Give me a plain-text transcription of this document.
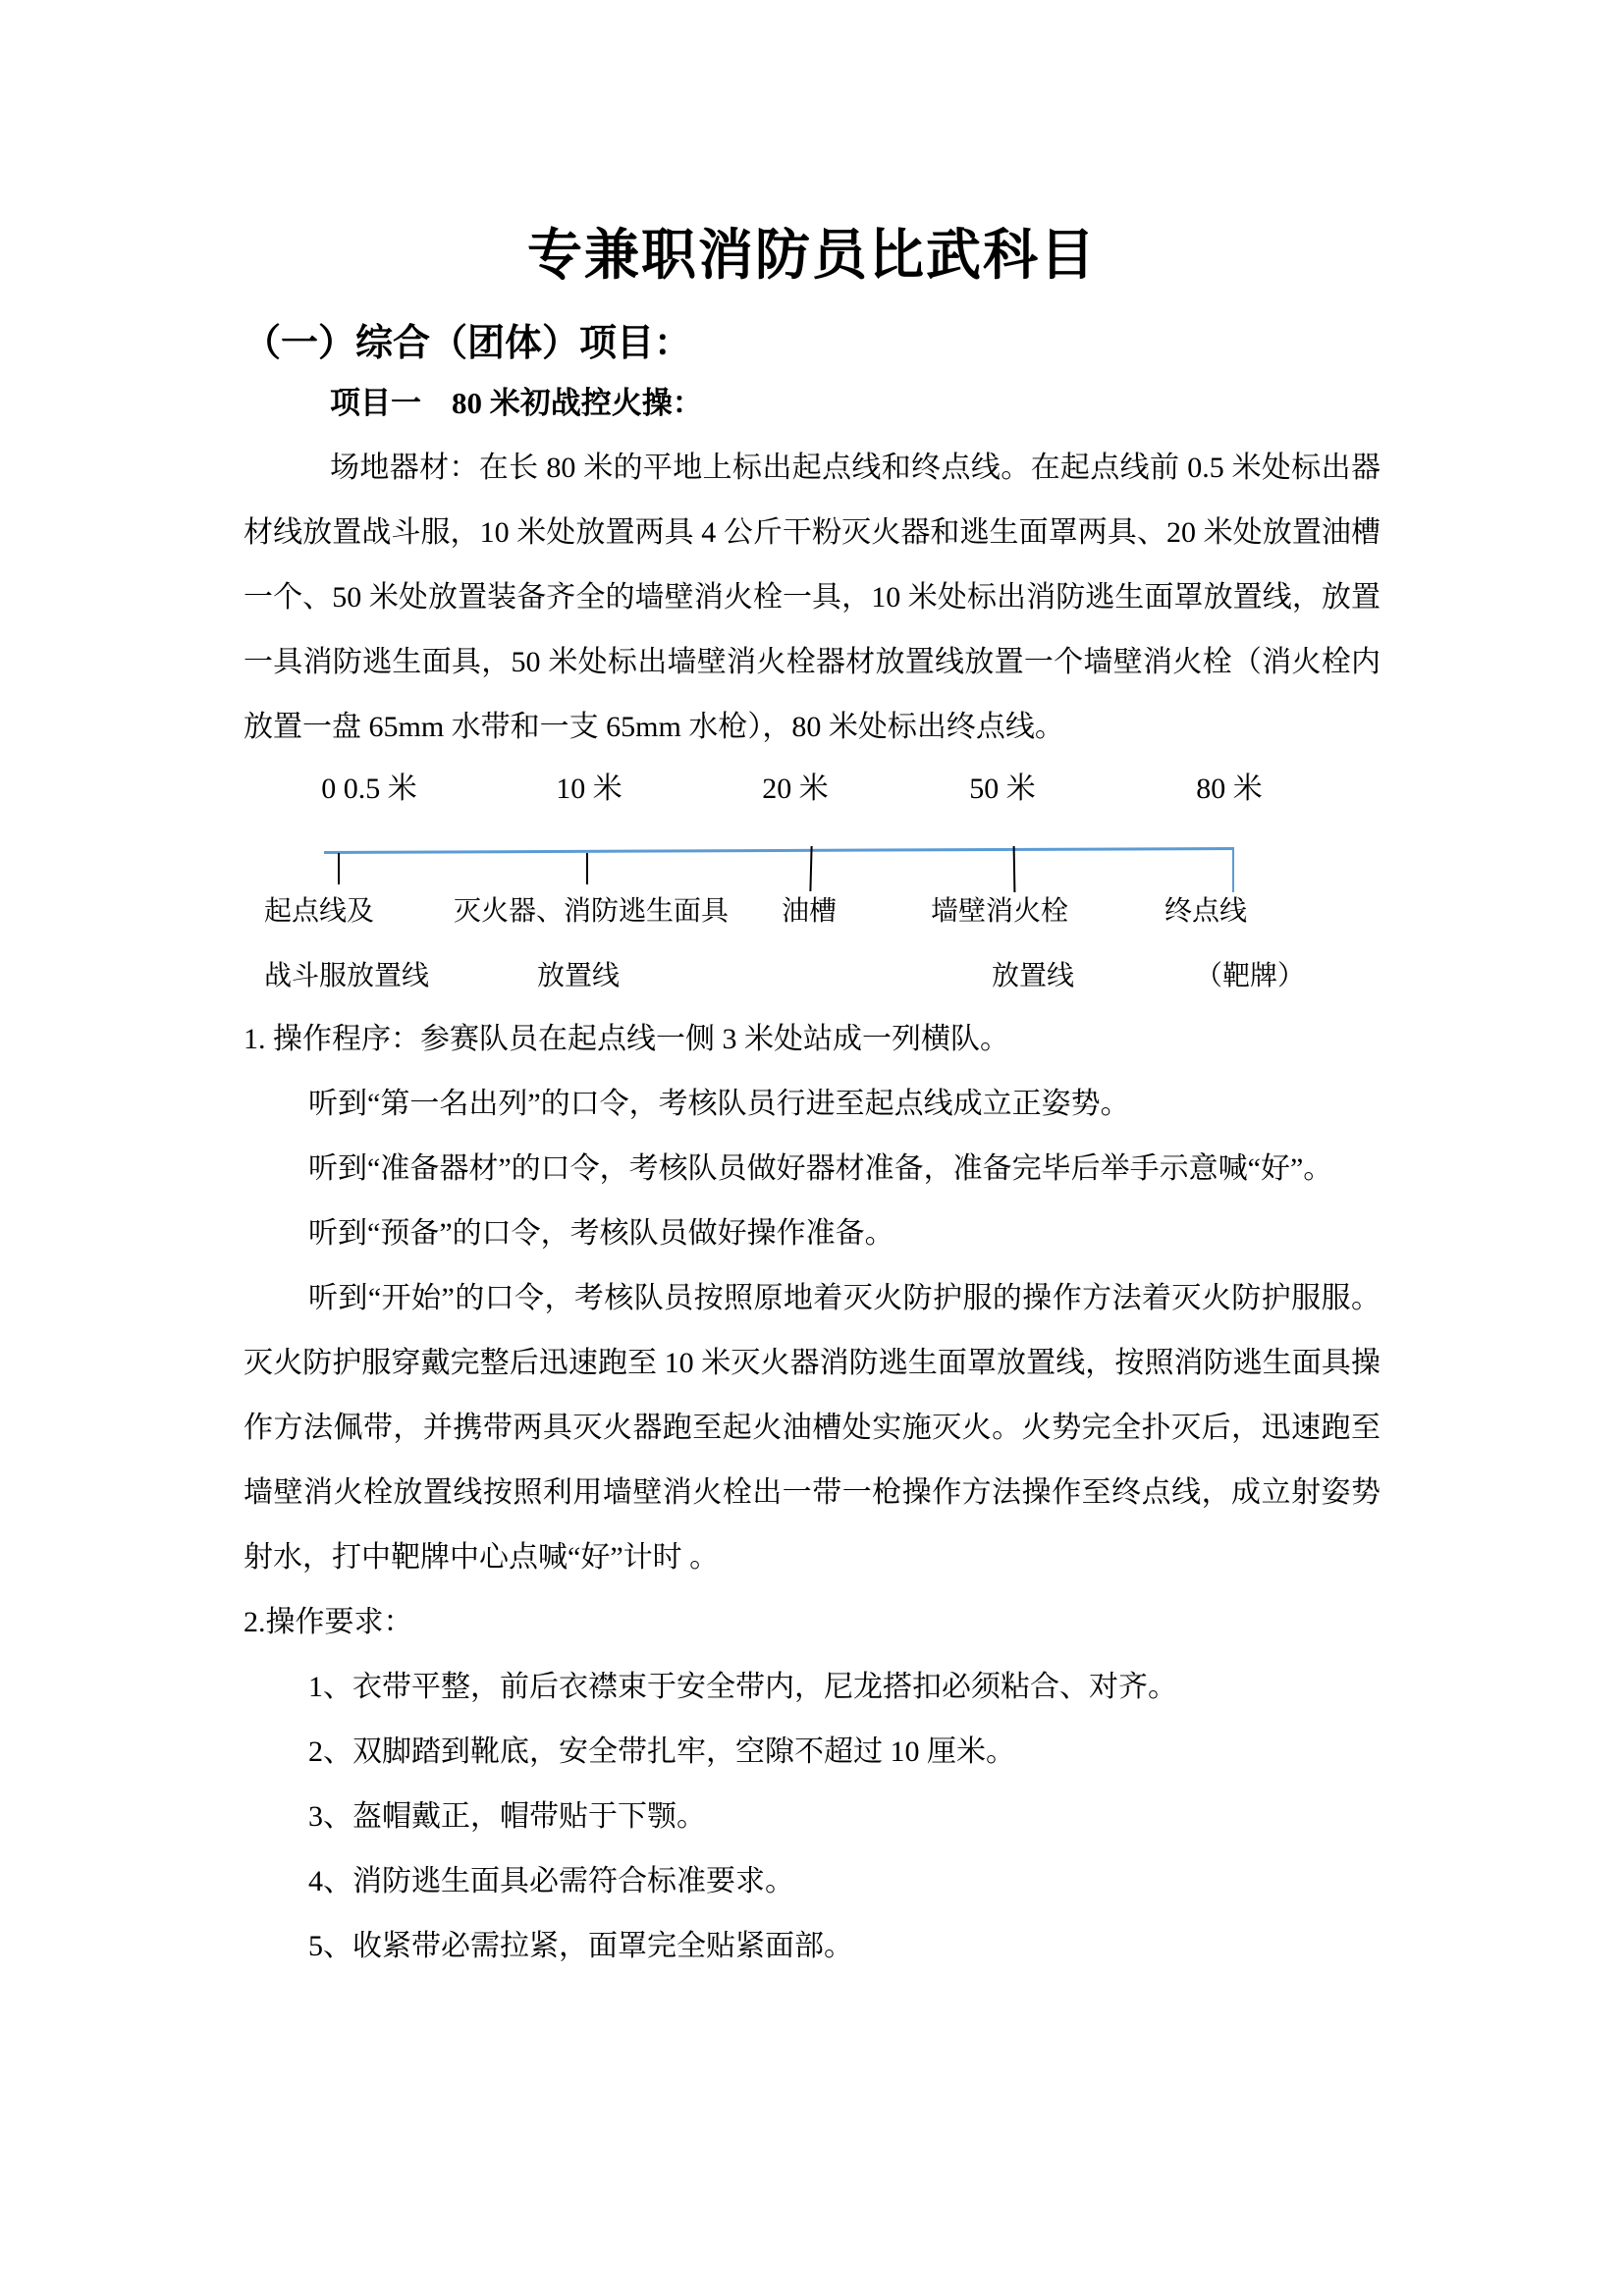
专兼职消防员比武科目
（一）综合（团体）项目：
项目一　80 米初战控火操：

场地器材：在长 80 米的平地上标出起点线和终点线。在起点线前 0.5 米处标出器材线放置战斗服，10 米处放置两具 4 公斤干粉灭火器和逃生面罩两具、20 米处放置油槽一个、50 米处放置装备齐全的墙壁消火栓一具，10 米处标出消防逃生面罩放置线，放置一具消防逃生面具，50 米处标出墙壁消火栓器材放置线放置一个墙壁消火栓（消火栓内放置一盘 65mm 水带和一支 65mm 水枪），80 米处标出终点线。

0 0.5 米	10 米	20 米	50 米	80 米
起点线及	灭火器、消防逃生面具 油槽	墙壁消火栓	终点线
战斗服放置线	放置线	放置线	（靶牌）

1. 操作程序：参赛队员在起点线一侧 3 米处站成一列横队。

听到“第一名出列”的口令，考核队员行进至起点线成立正姿势。

听到“准备器材”的口令，考核队员做好器材准备，准备完毕后举手示意喊“好”。

听到“预备”的口令，考核队员做好操作准备。

听到“开始”的口令，考核队员按照原地着灭火防护服的操作方法着灭火防护服服。灭火防护服穿戴完整后迅速跑至 10 米灭火器消防逃生面罩放置线，按照消防逃生面具操作方法佩带，并携带两具灭火器跑至起火油槽处实施灭火。火势完全扑灭后，迅速跑至墙壁消火栓放置线按照利用墙壁消火栓出一带一枪操作方法操作至终点线，成立射姿势射水，打中靶牌中心点喊“好”计时 。

2.操作要求：

1、衣带平整，前后衣襟束于安全带内，尼龙搭扣必须粘合、对齐。

2、双脚踏到靴底，安全带扎牢，空隙不超过 10 厘米。

3、盔帽戴正，帽带贴于下颚。

4、消防逃生面具必需符合标准要求。

5、收紧带必需拉紧，面罩完全贴紧面部。
